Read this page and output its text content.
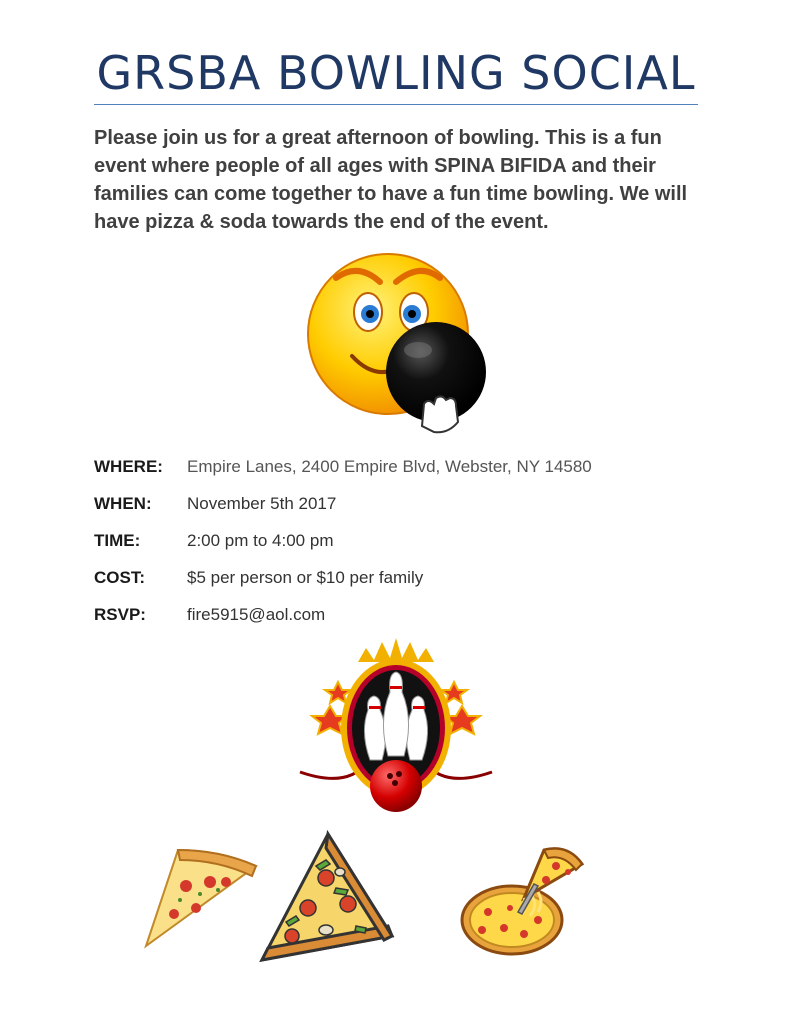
GRSBA BOWLING SOCIAL

Please join us for a great afternoon of bowling. This is a fun event where people of all ages with SPINA BIFIDA and their families can come together to have a fun time bowling. We will have pizza & soda towards the end of the event.

WHERE:	Empire Lanes, 2400 Empire Blvd, Webster, NY 14580
WHEN:	November 5th 2017
TIME:	2:00 pm to 4:00 pm
COST:	$5 per person or $10 per family
RSVP:	fire5915@aol.com
